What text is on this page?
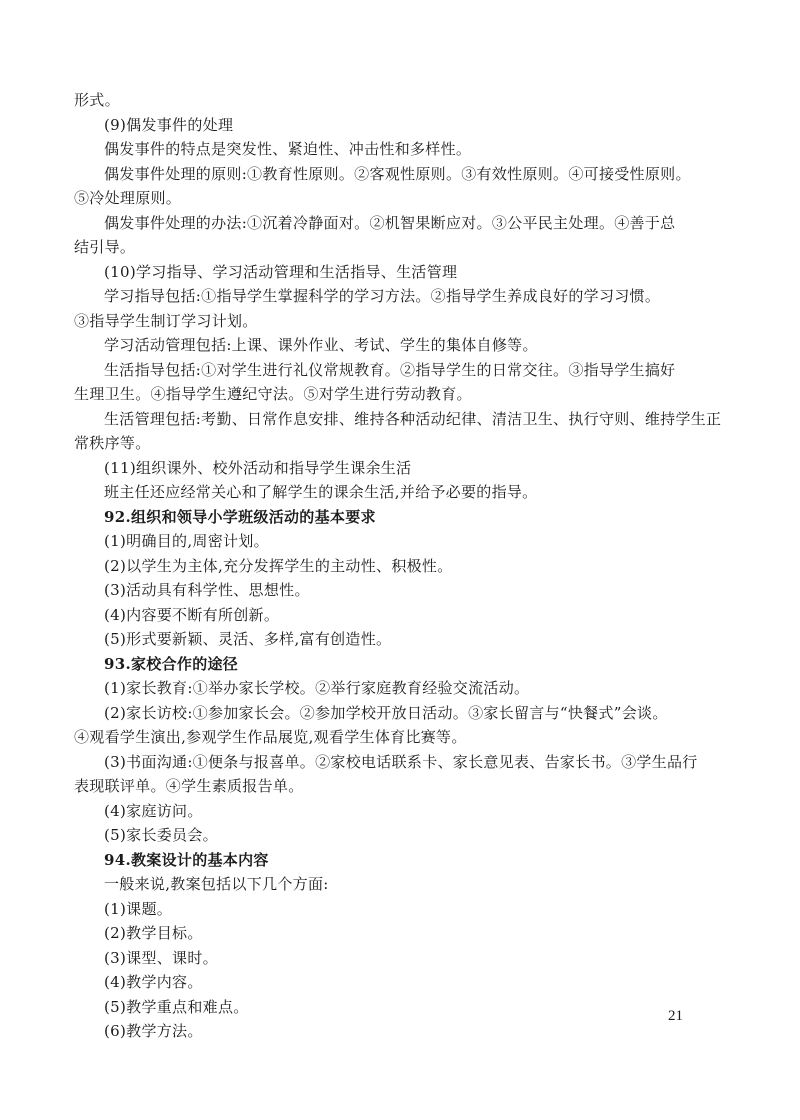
形式。
(9)偶发事件的处理
偶发事件的特点是突发性、紧迫性、冲击性和多样性。
偶发事件处理的原则:①教育性原则。②客观性原则。③有效性原则。④可接受性原则。
⑤冷处理原则。
偶发事件处理的办法:①沉着冷静面对。②机智果断应对。③公平民主处理。④善于总
结引导。
(10)学习指导、学习活动管理和生活指导、生活管理
学习指导包括:①指导学生掌握科学的学习方法。②指导学生养成良好的学习习惯。
③指导学生制订学习计划。
学习活动管理包括:上课、课外作业、考试、学生的集体自修等。
生活指导包括:①对学生进行礼仪常规教育。②指导学生的日常交往。③指导学生搞好
生理卫生。④指导学生遵纪守法。⑤对学生进行劳动教育。
生活管理包括:考勤、日常作息安排、维持各种活动纪律、清洁卫生、执行守则、维持学生正
常秩序等。
(11)组织课外、校外活动和指导学生课余生活
班主任还应经常关心和了解学生的课余生活,并给予必要的指导。
92.组织和领导小学班级活动的基本要求
(1)明确目的,周密计划。
(2)以学生为主体,充分发挥学生的主动性、积极性。
(3)活动具有科学性、思想性。
(4)内容要不断有所创新。
(5)形式要新颖、灵活、多样,富有创造性。
93.家校合作的途径
(1)家长教育:①举办家长学校。②举行家庭教育经验交流活动。
(2)家长访校:①参加家长会。②参加学校开放日活动。③家长留言与“快餐式”会谈。
④观看学生演出,参观学生作品展览,观看学生体育比赛等。
(3)书面沟通:①便条与报喜单。②家校电话联系卡、家长意见表、告家长书。③学生品行
表现联评单。④学生素质报告单。
(4)家庭访问。
(5)家长委员会。
94.教案设计的基本内容
一般来说,教案包括以下几个方面:
(1)课题。
(2)教学目标。
(3)课型、课时。
(4)教学内容。
(5)教学重点和难点。
(6)教学方法。
21
